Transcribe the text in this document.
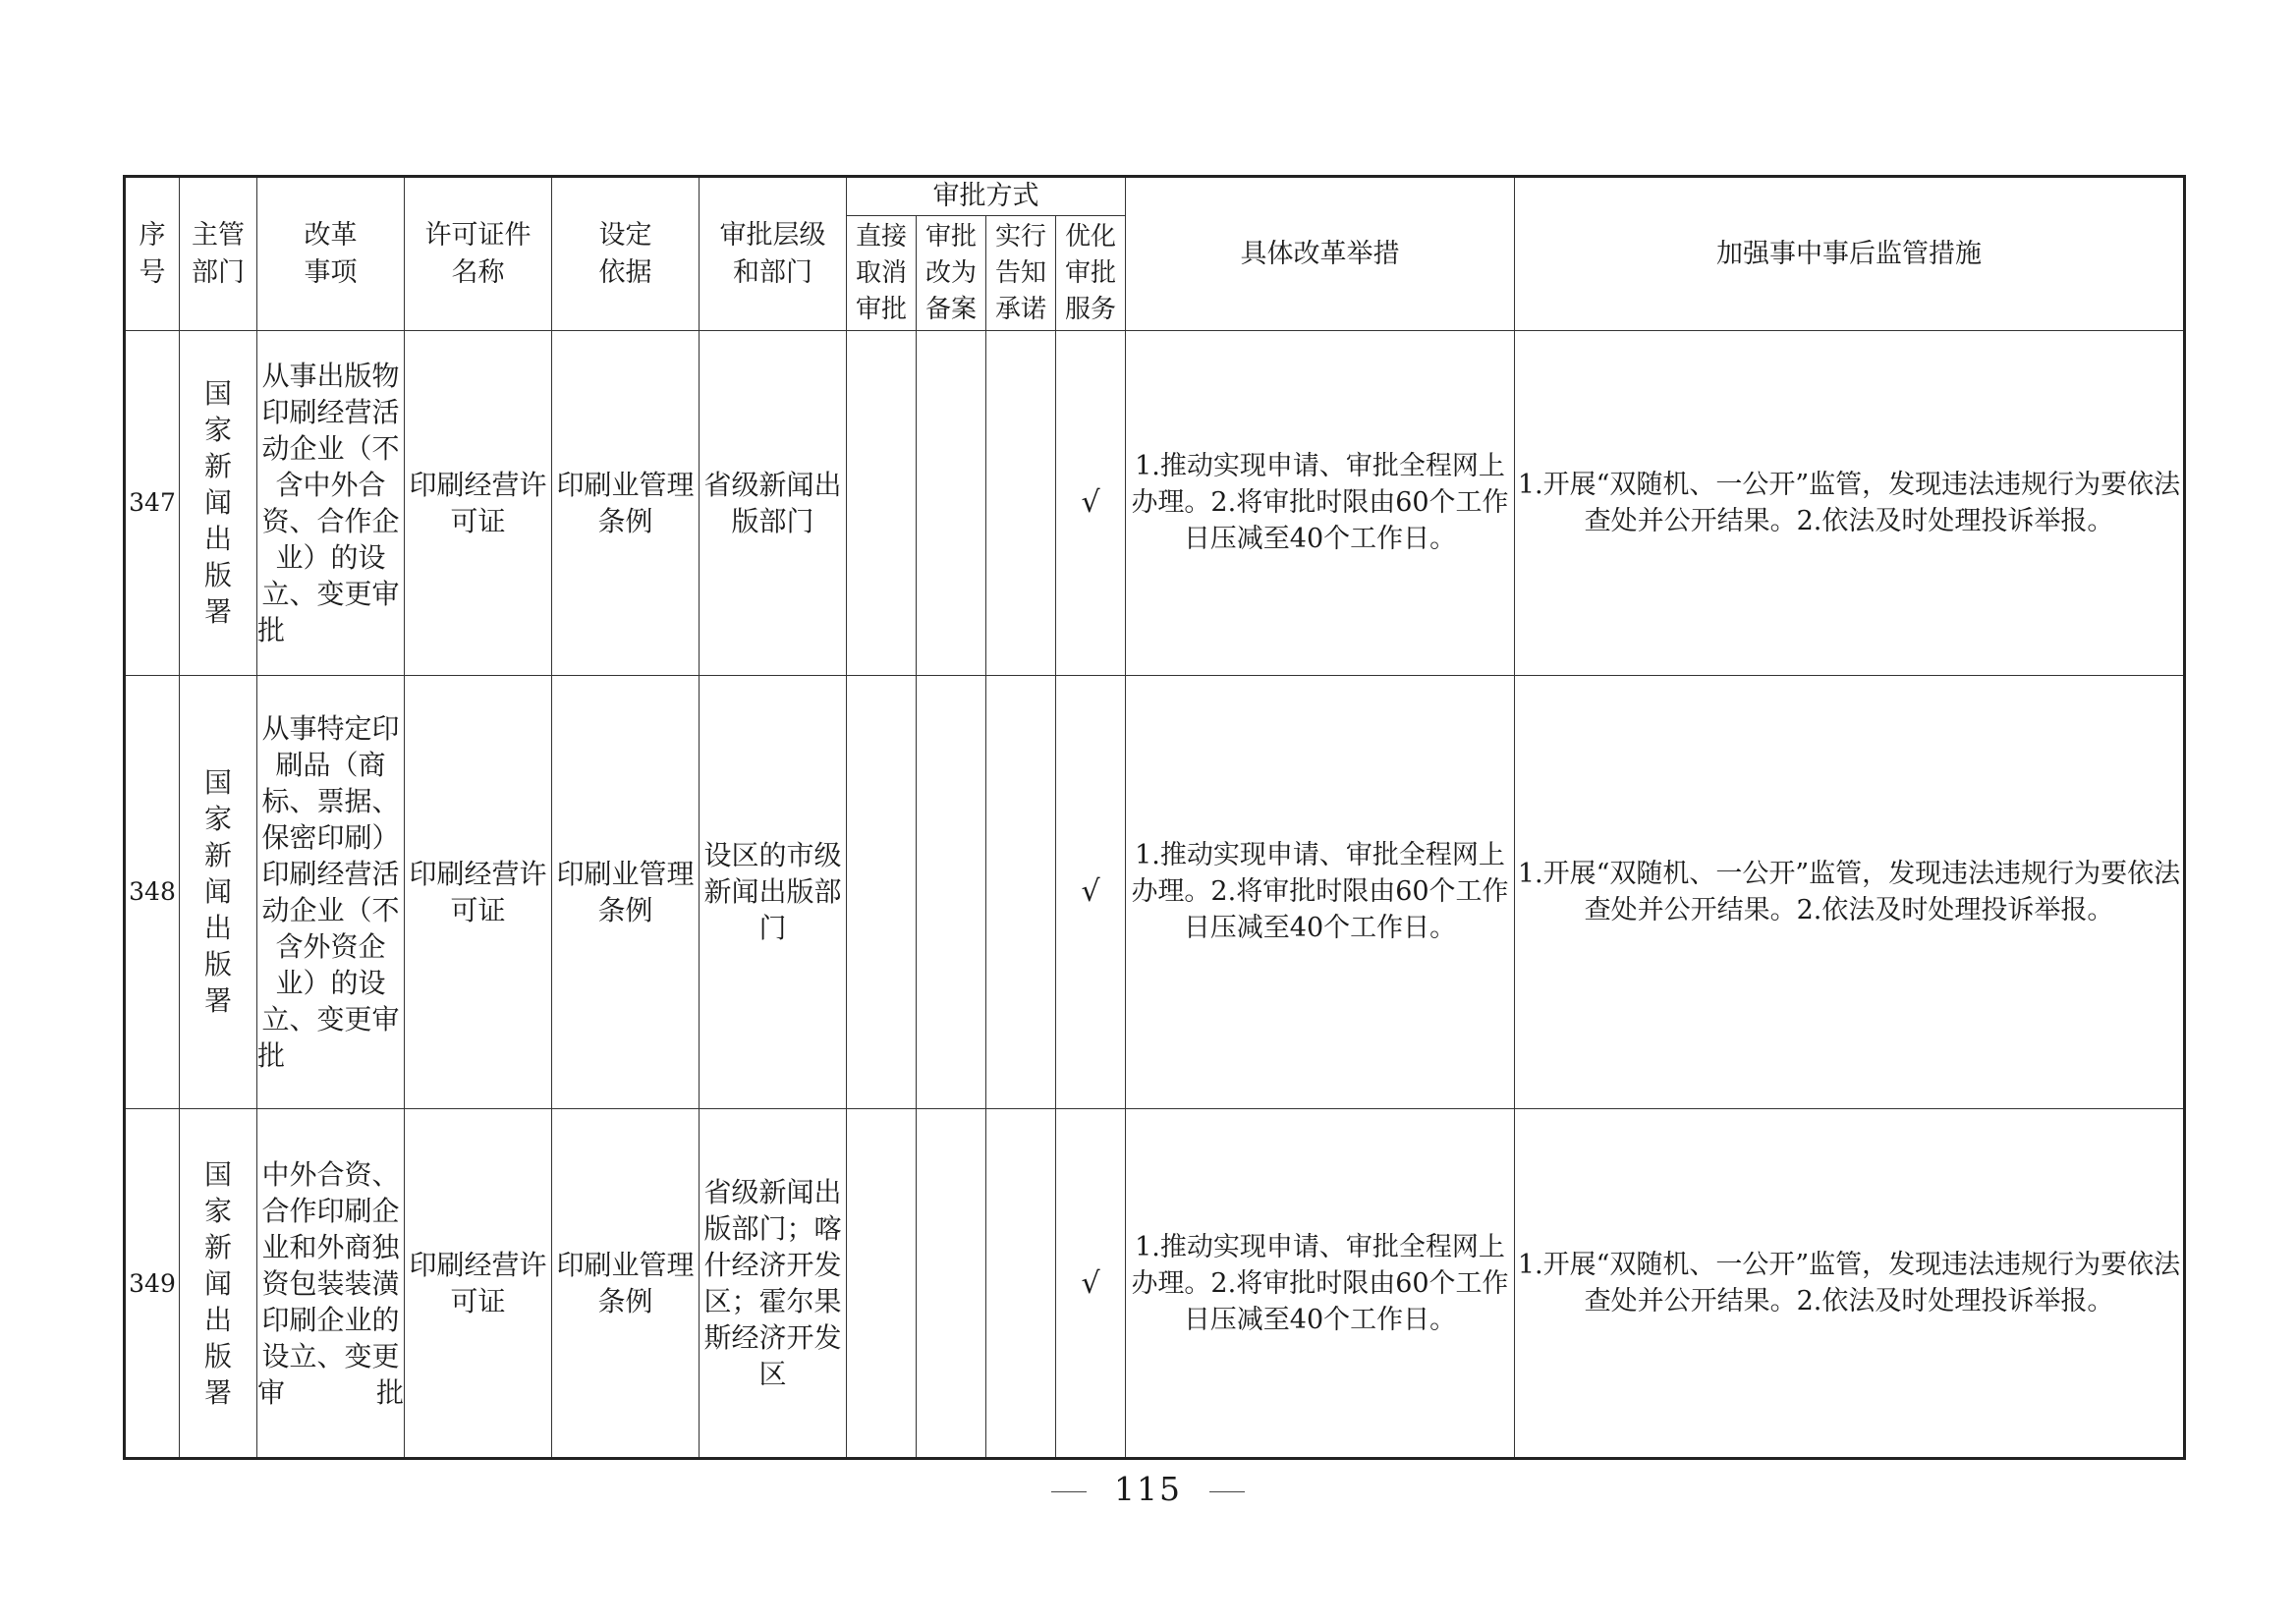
序号	主管部门	改革事项	许可证件名称	设定依据	审批层级和部门	审批方式				具体改革举措	加强事中事后监管措施

						直接取消审批	审批改为备案	实行告知承诺	优化审批服务		

347	国家新闻出版署	从事出版物印刷经营活动企业（不含中外合资、合作企业）的设立、变更审批	印刷经营许可证	印刷业管理条例	省级新闻出版部门				√	1.推动实现申请、审批全程网上办理。2.将审批时限由60个工作日压减至40个工作日。	1.开展“双随机、一公开”监管，发现违法违规行为要依法查处并公开结果。2.依法及时处理投诉举报。
348	国家新闻出版署	从事特定印刷品（商标、票据、保密印刷）印刷经营活动企业（不含外资企业）的设立、变更审批	印刷经营许可证	印刷业管理条例	设区的市级新闻出版部门				√	1.推动实现申请、审批全程网上办理。2.将审批时限由60个工作日压减至40个工作日。	1.开展“双随机、一公开”监管，发现违法违规行为要依法查处并公开结果。2.依法及时处理投诉举报。
349	国家新闻出版署	中外合资、合作印刷企业和外商独资包装装潢印刷企业的设立、变更审批	印刷经营许可证	印刷业管理条例	省级新闻出版部门；喀什经济开发区；霍尔果斯经济开发区				√	1.推动实现申请、审批全程网上办理。2.将审批时限由60个工作日压减至40个工作日。	1.开展“双随机、一公开”监管，发现违法违规行为要依法查处并公开结果。2.依法及时处理投诉举报。
115
